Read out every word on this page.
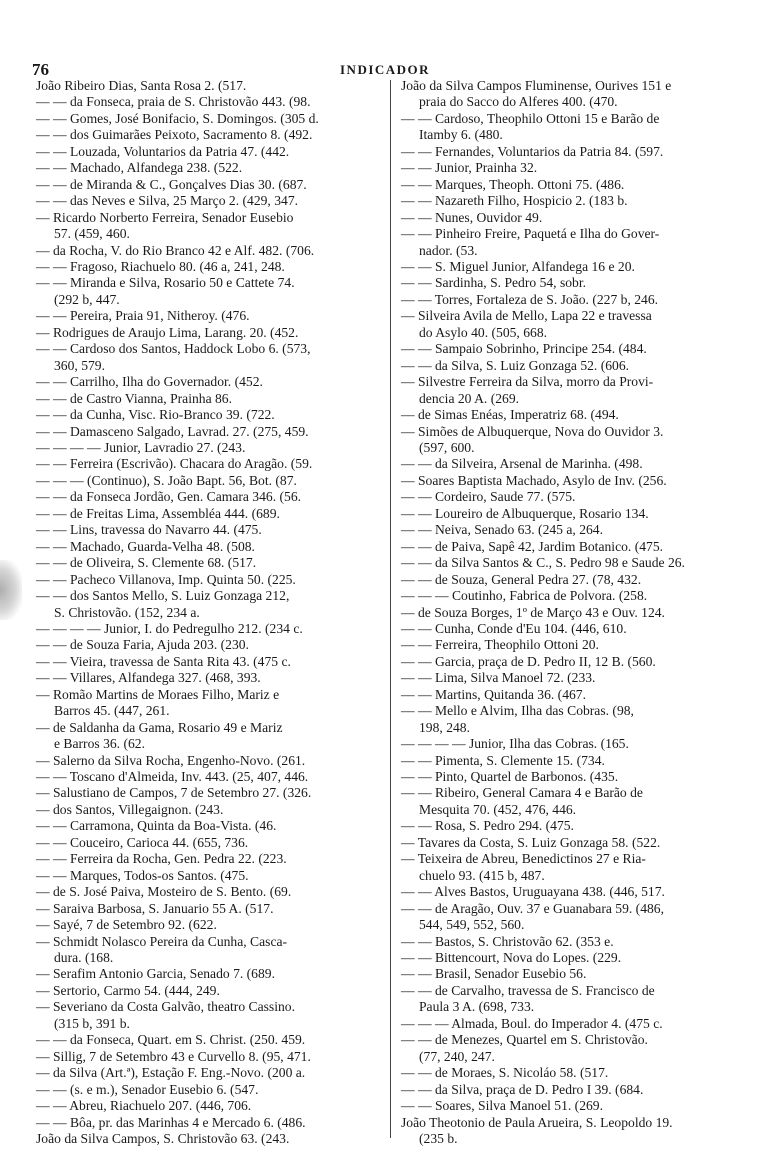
76	INDICADOR
João Ribeiro Dias, Santa Rosa 2. (517.
— — da Fonseca, praia de S. Christovão 443. (98.
— — Gomes, José Bonifacio, S. Domingos. (305 d.
— — dos Guimarães Peixoto, Sacramento 8. (492.
— — Louzada, Voluntarios da Patria 47. (442.
— — Machado, Alfandega 238. (522.
— — de Miranda & C., Gonçalves Dias 30. (687.
— — das Neves e Silva, 25 Março 2. (429, 347.
— Ricardo Norberto Ferreira, Senador Eusebio
57. (459, 460.
— da Rocha, V. do Rio Branco 42 e Alf. 482. (706.
— — Fragoso, Riachuelo 80. (46 a, 241, 248.
— — Miranda e Silva, Rosario 50 e Cattete 74.
(292 b, 447.
— — Pereira, Praia 91, Nitheroy. (476.
— Rodrigues de Araujo Lima, Larang. 20. (452.
— — Cardoso dos Santos, Haddock Lobo 6. (573,
360, 579.
— — Carrilho, Ilha do Governador. (452.
— — de Castro Vianna, Prainha 86.
— — da Cunha, Visc. Rio-Branco 39. (722.
— — Damasceno Salgado, Lavrad. 27. (275, 459.
— — — — Junior, Lavradio 27. (243.
— — Ferreira (Escrivão). Chacara do Aragão. (59.
— — — (Continuo), S. João Bapt. 56, Bot. (87.
— — da Fonseca Jordão, Gen. Camara 346. (56.
— — de Freitas Lima, Assembléa 444. (689.
— — Lins, travessa do Navarro 44. (475.
— — Machado, Guarda-Velha 48. (508.
— — de Oliveira, S. Clemente 68. (517.
— — Pacheco Villanova, Imp. Quinta 50. (225.
— — dos Santos Mello, S. Luiz Gonzaga 212,
S. Christovão. (152, 234 a.
— — — — Junior, I. do Pedregulho 212. (234 c.
— — de Souza Faria, Ajuda 203. (230.
— — Vieira, travessa de Santa Rita 43. (475 c.
— — Villares, Alfandega 327. (468, 393.
— Romão Martins de Moraes Filho, Mariz e
Barros 45. (447, 261.
— de Saldanha da Gama, Rosario 49 e Mariz
e Barros 36. (62.
— Salerno da Silva Rocha, Engenho-Novo. (261.
— — Toscano d'Almeida, Inv. 443. (25, 407, 446.
— Salustiano de Campos, 7 de Setembro 27. (326.
— dos Santos, Villegaignon. (243.
— — Carramona, Quinta da Boa-Vista. (46.
— — Couceiro, Carioca 44. (655, 736.
— — Ferreira da Rocha, Gen. Pedra 22. (223.
— — Marques, Todos-os Santos. (475.
— de S. José Paiva, Mosteiro de S. Bento. (69.
— Saraiva Barbosa, S. Januario 55 A. (517.
— Sayé, 7 de Setembro 92. (622.
— Schmidt Nolasco Pereira da Cunha, Casca-
dura. (168.
— Serafim Antonio Garcia, Senado 7. (689.
— Sertorio, Carmo 54. (444, 249.
— Severiano da Costa Galvão, theatro Cassino.
(315 b, 391 b.
— — da Fonseca, Quart. em S. Christ. (250. 459.
— Sillig, 7 de Setembro 43 e Curvello 8. (95, 471.
— da Silva (Art.ª), Estação F. Eng.-Novo. (200 a.
— — (s. e m.), Senador Eusebio 6. (547.
— — Abreu, Riachuelo 207. (446, 706.
— — Bôa, pr. das Marinhas 4 e Mercado 6. (486.
João da Silva Campos, S. Christovão 63. (243.
João da Silva Campos Fluminense, Ourives 151 e
praia do Sacco do Alferes 400. (470.
— — Cardoso, Theophilo Ottoni 15 e Barão de
Itamby 6. (480.
— — Fernandes, Voluntarios da Patria 84. (597.
— — Junior, Prainha 32.
— — Marques, Theoph. Ottoni 75. (486.
— — Nazareth Filho, Hospicio 2. (183 b.
— — Nunes, Ouvidor 49.
— — Pinheiro Freire, Paquetá e Ilha do Gover-
nador. (53.
— — S. Miguel Junior, Alfandega 16 e 20.
— — Sardinha, S. Pedro 54, sobr.
— — Torres, Fortaleza de S. João. (227 b, 246.
— Silveira Avila de Mello, Lapa 22 e travessa
do Asylo 40. (505, 668.
— — Sampaio Sobrinho, Principe 254. (484.
— — da Silva, S. Luiz Gonzaga 52. (606.
— Silvestre Ferreira da Silva, morro da Provi-
dencia 20 A. (269.
— de Simas Enéas, Imperatriz 68. (494.
— Simões de Albuquerque, Nova do Ouvidor 3.
(597, 600.
— — da Silveira, Arsenal de Marinha. (498.
— Soares Baptista Machado, Asylo de Inv. (256.
— — Cordeiro, Saude 77. (575.
— — Loureiro de Albuquerque, Rosario 134.
— — Neiva, Senado 63. (245 a, 264.
— — de Paiva, Sapê 42, Jardim Botanico. (475.
— — da Silva Santos & C., S. Pedro 98 e Saude 26.
— — de Souza, General Pedra 27. (78, 432.
— — — Coutinho, Fabrica de Polvora. (258.
— de Souza Borges, 1º de Março 43 e Ouv. 124.
— — Cunha, Conde d'Eu 104. (446, 610.
— — Ferreira, Theophilo Ottoni 20.
— — Garcia, praça de D. Pedro II, 12 B. (560.
— — Lima, Silva Manoel 72. (233.
— — Martins, Quitanda 36. (467.
— — Mello e Alvim, Ilha das Cobras. (98,
198, 248.
— — — — Junior, Ilha das Cobras. (165.
— — Pimenta, S. Clemente 15. (734.
— — Pinto, Quartel de Barbonos. (435.
— — Ribeiro, General Camara 4 e Barão de
Mesquita 70. (452, 476, 446.
— — Rosa, S. Pedro 294. (475.
— Tavares da Costa, S. Luiz Gonzaga 58. (522.
— Teixeira de Abreu, Benedictinos 27 e Ria-
chuelo 93. (415 b, 487.
— — Alves Bastos, Uruguayana 438. (446, 517.
— — de Aragão, Ouv. 37 e Guanabara 59. (486,
544, 549, 552, 560.
— — Bastos, S. Christovão 62. (353 e.
— — Bittencourt, Nova do Lopes. (229.
— — Brasil, Senador Eusebio 56.
— — de Carvalho, travessa de S. Francisco de
Paula 3 A. (698, 733.
— — — Almada, Boul. do Imperador 4. (475 c.
— — de Menezes, Quartel em S. Christovão.
(77, 240, 247.
— — de Moraes, S. Nicoláo 58. (517.
— — da Silva, praça de D. Pedro I 39. (684.
— — Soares, Silva Manoel 51. (269.
João Theotonio de Paula Arueira, S. Leopoldo 19.
(235 b.
